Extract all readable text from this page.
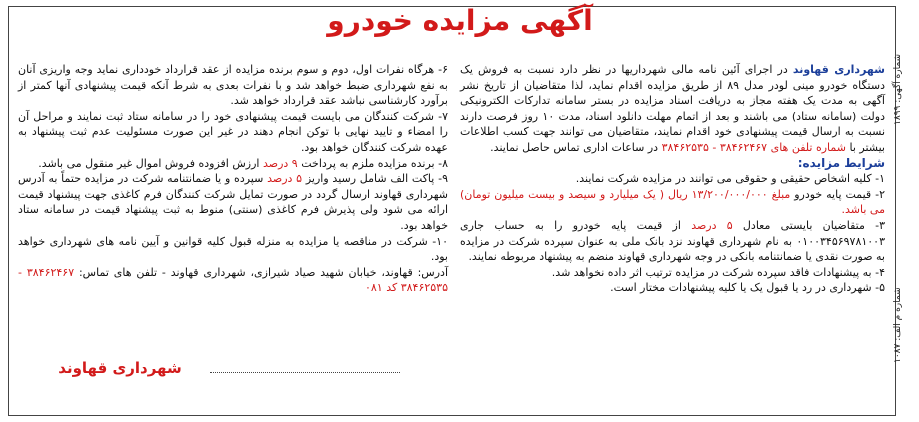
شماره آگهی: ۱۸۹۹
شماره م الف: ۱۰۸۷
آگهی مزایده خودرو

شهرداری قهاوند در اجرای آئین نامه مالی شهرداریها در نظر دارد نسبت به فروش یک دستگاه خودرو مینی لودر مدل ۸۹ از طریق مزایده اقدام نماید، لذا متقاضیان از تاریخ نشر آگهی به مدت یک هفته مجاز به دریافت اسناد مزایده در بستر سامانه تدارکات الکترونیکی دولت (سامانه ستاد) می باشند و بعد از اتمام مهلت دانلود اسناد، مدت ۱۰ روز فرصت دارند نسبت به ارسال قیمت پیشنهادی خود اقدام نمایند، متقاضیان می توانند جهت کسب اطلاعات بیشتر با شماره تلفن های ۳۸۴۶۲۴۶۷ - ۳۸۴۶۲۵۳۵ در ساعات اداری تماس حاصل نمایند.

شرایط مزایده:

۱- کلیه اشخاص حقیقی و حقوقی می توانند در مزایده شرکت نمایند.

۲- قیمت پایه خودرو مبلغ ۱۳/۲۰۰/۰۰۰/۰۰۰ ریال ( یک میلیارد و سیصد و بیست میلیون تومان) می باشد.

۳- متقاضیان بایستی معادل ۵ درصد از قیمت پایه خودرو را به حساب جاری ۰۱۰۰۳۴۵۶۹۷۸۱۰۰۳ به نام شهرداری قهاوند نزد بانک ملی به عنوان سپرده شرکت در مزایده به صورت نقدی یا ضمانتنامه بانکی در وجه شهرداری قهاوند منضم به پیشنهاد مربوطه نمایند.

۴- به پیشنهادات فاقد سپرده شرکت در مزایده ترتیب اثر داده نخواهد شد.

۵- شهرداری در رد یا قبول یک یا کلیه پیشنهادات مختار است.

۶- هرگاه نفرات اول، دوم و سوم برنده مزایده از عقد قرارداد خودداری نماید وجه واریزی آنان به نفع شهرداری ضبط خواهد شد و با نفرات بعدی به شرط آنکه قیمت پیشنهادی آنها کمتر از برآورد کارشناسی نباشد عقد قرارداد خواهد شد.

۷- شرکت کنندگان می بایست قیمت پیشنهادی خود را در سامانه ستاد ثبت نمایند و مراحل آن را امضاء و تایید نهایی با توکن انجام دهند در غیر این صورت مسئولیت عدم ثبت پیشنهاد به عهده شرکت کنندگان خواهد بود.

۸- برنده مزایده ملزم به پرداخت ۹ درصد ارزش افزوده فروش اموال غیر منقول می باشد.

۹- پاکت الف شامل رسید واریز ۵ درصد سپرده و یا ضمانتنامه شرکت در مزایده حتماً به آدرس شهرداری قهاوند ارسال گردد در صورت تمایل شرکت کنندگان فرم کاغذی جهت پیشنهاد قیمت ارائه می شود ولی پذیرش فرم کاغذی (سنتی) منوط به ثبت پیشنهاد قیمت در سامانه ستاد خواهد بود.

۱۰- شرکت در مناقصه یا مزایده به منزله قبول کلیه قوانین و آیین نامه های شهرداری خواهد بود.

آدرس: قهاوند، خیابان شهید صیاد شیرازی، شهرداری قهاوند - تلفن های تماس: ۳۸۴۶۲۴۶۷ - ۳۸۴۶۲۵۳۵ کد ۰۸۱

شهرداری قهاوند
